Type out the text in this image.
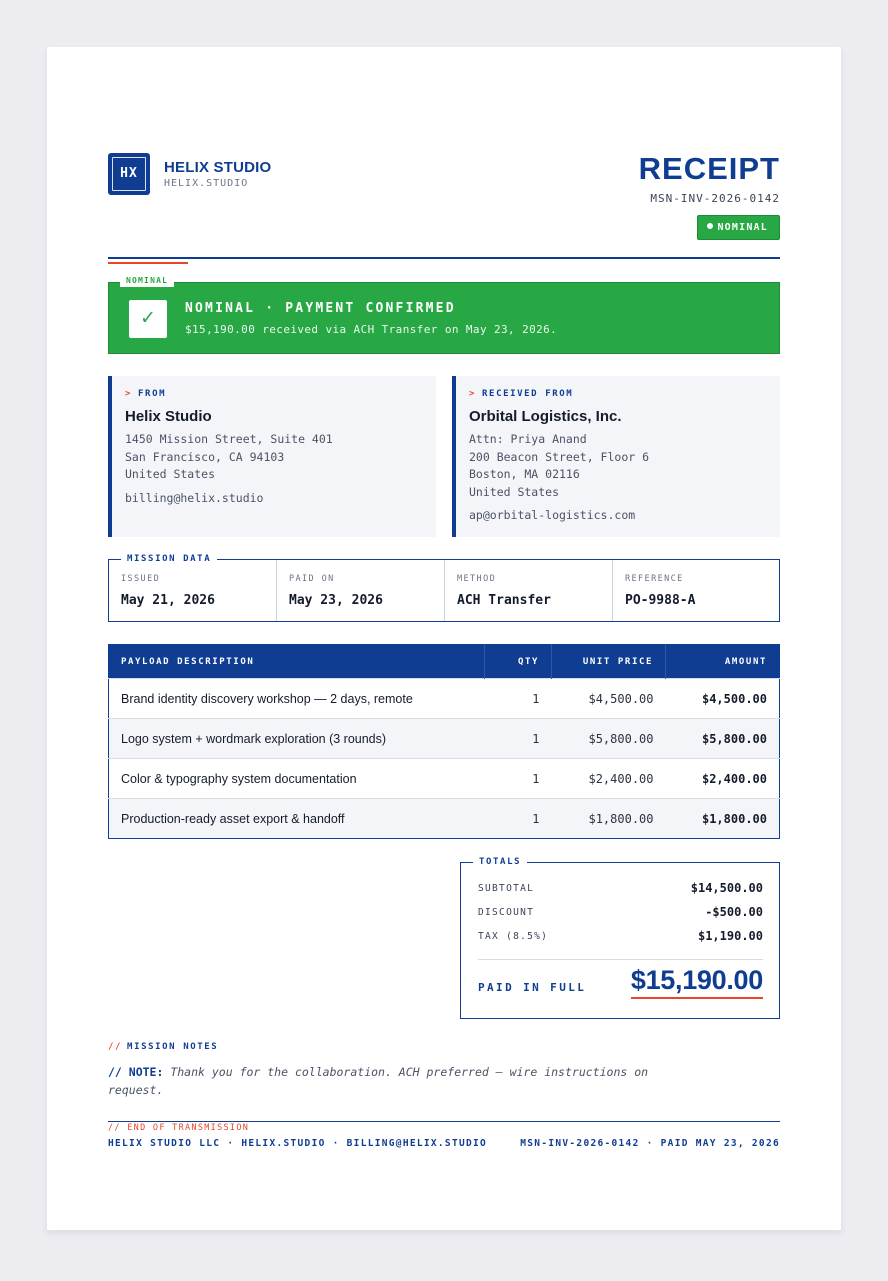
HX	HELIX STUDIO
HELIX.STUDIO	RECEIPT
MSN-INV-2026-0142
NOMINAL
✓	NOMINAL · PAYMENT CONFIRMED
$15,190.00 received via ACH Transfer on May 23, 2026.
NOMINAL
> FROM
Helix Studio
1450 Mission Street, Suite 401
San Francisco, CA 94103
United States
billing@helix.studio
> RECEIVED FROM
Orbital Logistics, Inc.
Attn: Priya Anand
200 Beacon Street, Floor 6
Boston, MA 02116
United States
ap@orbital-logistics.com
ISSUED
May 21, 2026
PAID ON
May 23, 2026
METHOD
ACH Transfer
REFERENCE
PO-9988-A
MISSION DATA
PAYLOAD DESCRIPTION	QTY	UNIT PRICE	AMOUNT
Brand identity discovery workshop — 2 days, remote	1	$4,500.00	$4,500.00
Logo system + wordmark exploration (3 rounds)	1	$5,800.00	$5,800.00
Color & typography system documentation	1	$2,400.00	$2,400.00
Production-ready asset export & handoff	1	$1,800.00	$1,800.00
TOTALS
SUBTOTAL	$14,500.00
DISCOUNT	-$500.00
TAX (8.5%)	$1,190.00
PAID IN FULL $15,190.00
// MISSION NOTES
// NOTE: Thank you for the collaboration. ACH preferred — wire instructions on request.
// END OF TRANSMISSION
HELIX STUDIO LLC · HELIX.STUDIO · BILLING@HELIX.STUDIO	MSN-INV-2026-0142 · PAID MAY 23, 2026
